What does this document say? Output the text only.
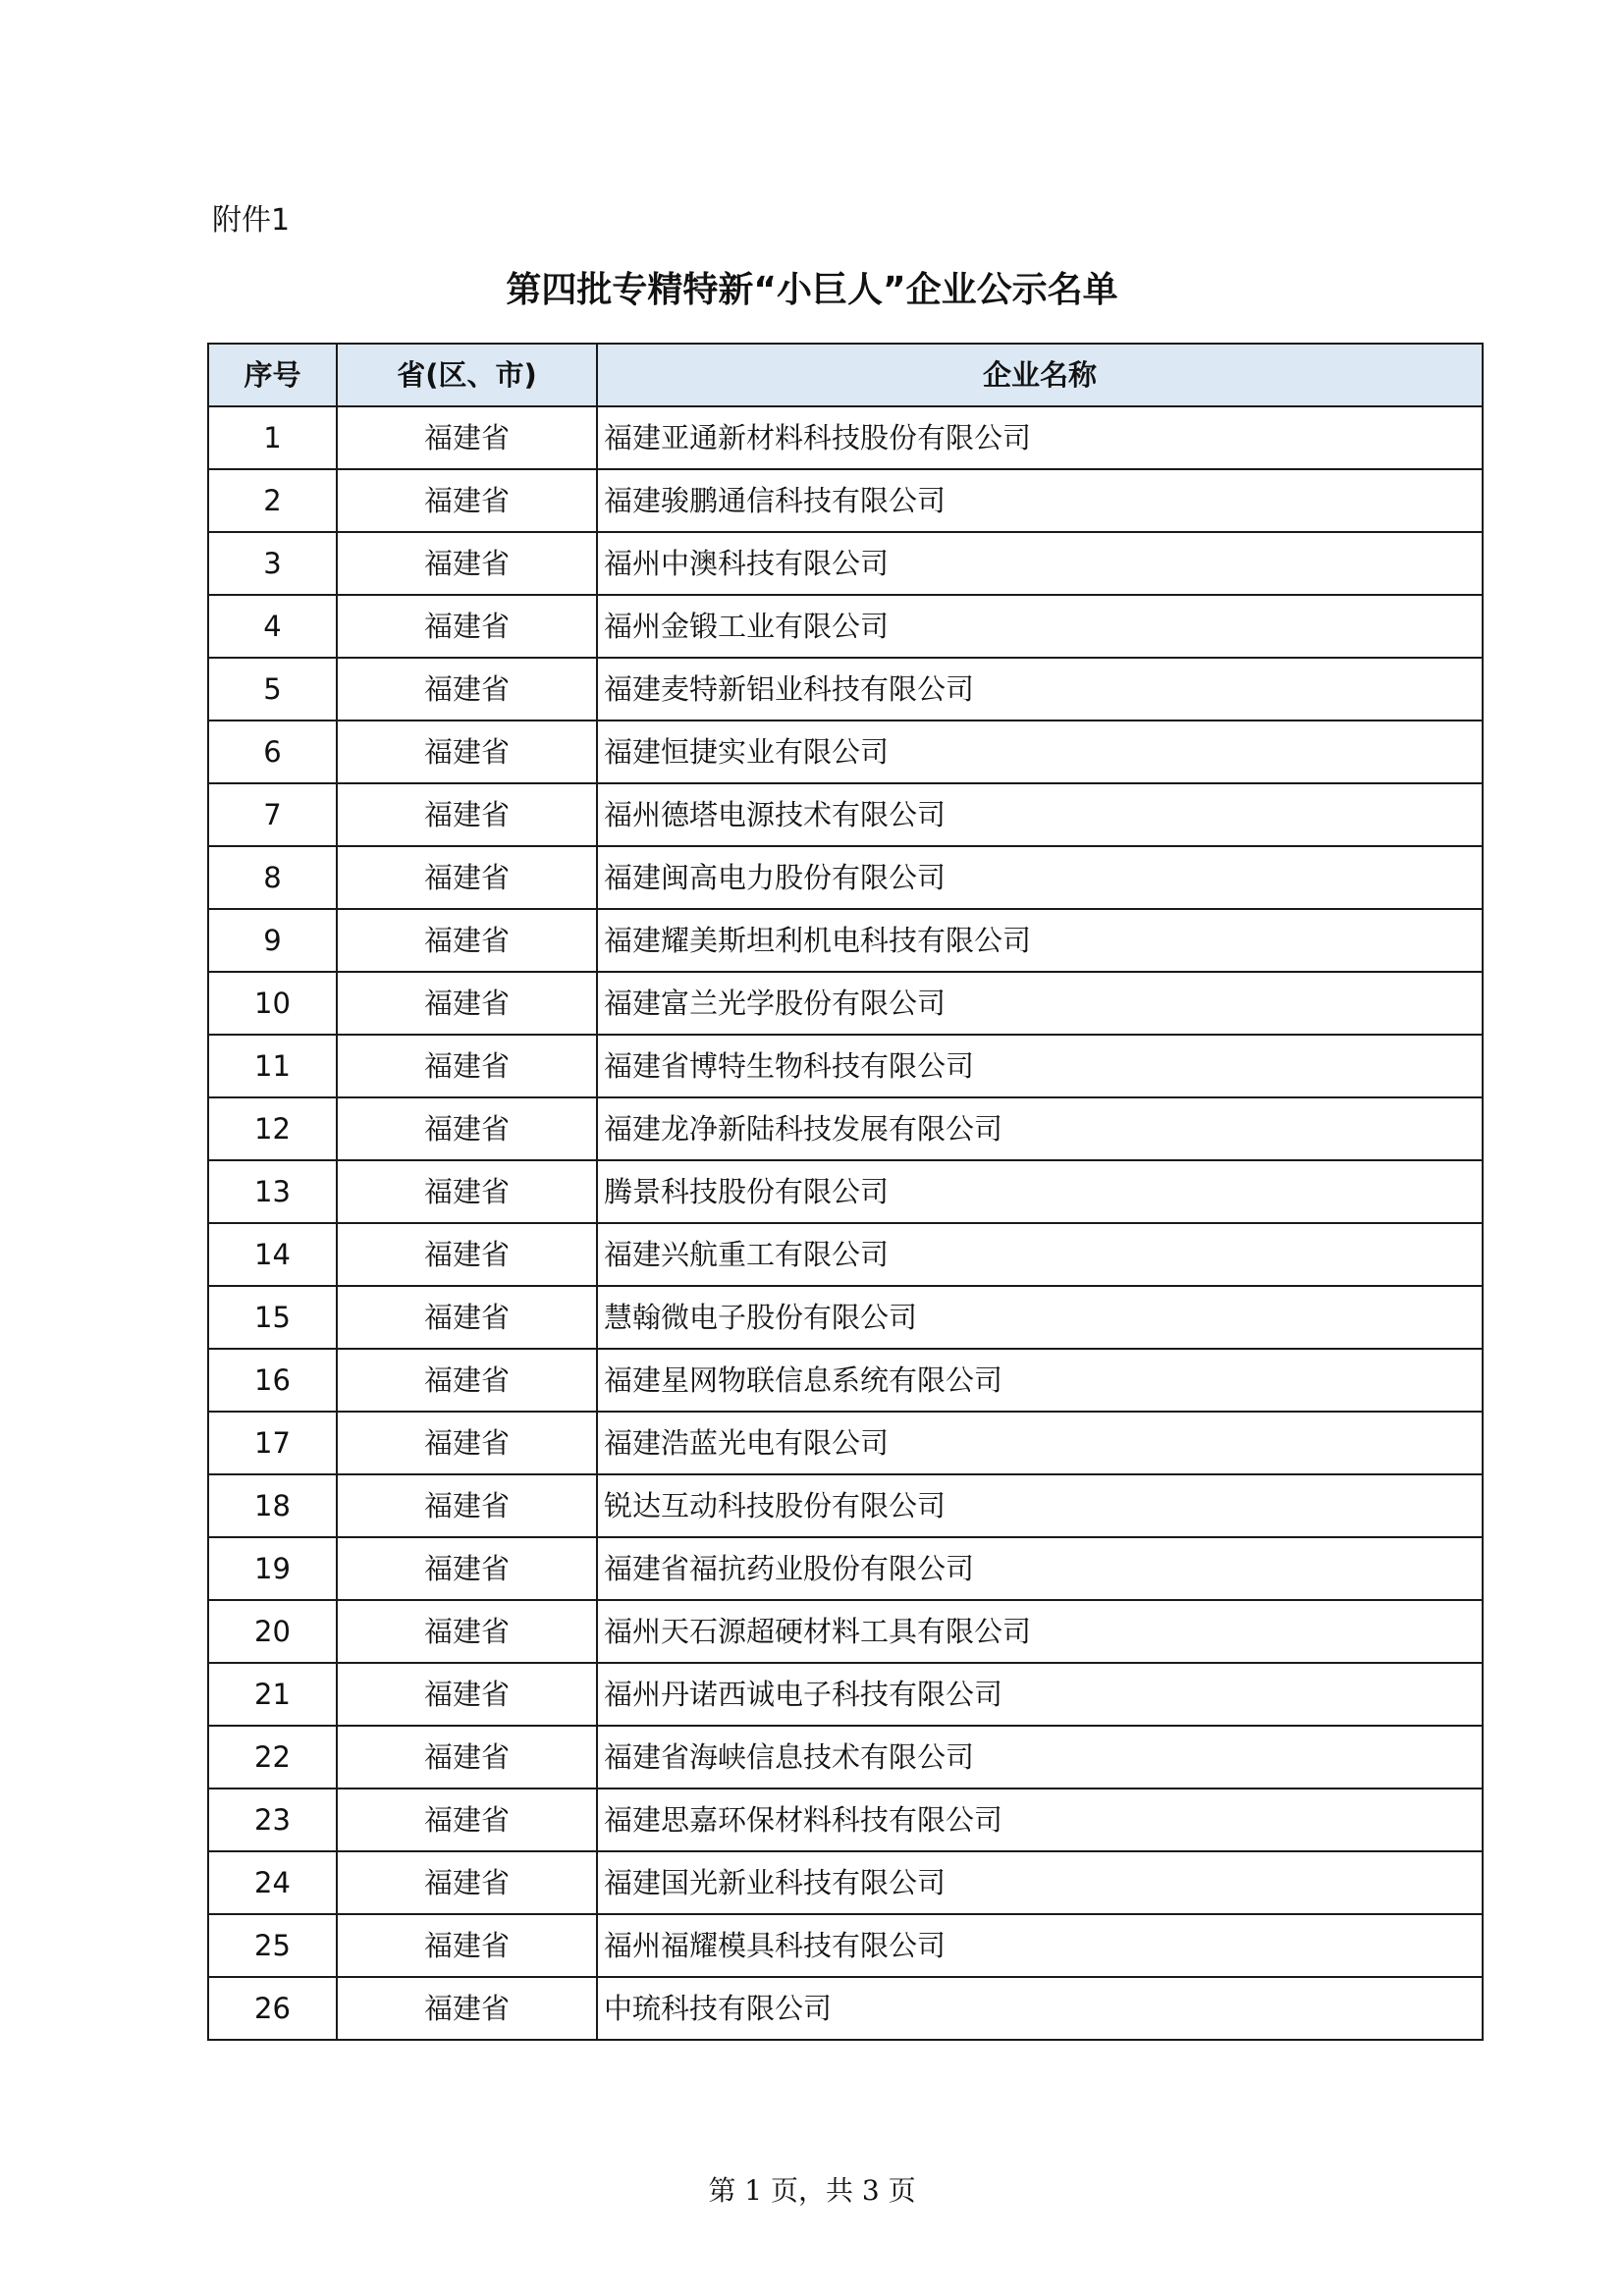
附件1
第四批专精特新“小巨人”企业公示名单
序号	省(区、市)	企业名称
1	福建省	福建亚通新材料科技股份有限公司
2	福建省	福建骏鹏通信科技有限公司
3	福建省	福州中澳科技有限公司
4	福建省	福州金锻工业有限公司
5	福建省	福建麦特新铝业科技有限公司
6	福建省	福建恒捷实业有限公司
7	福建省	福州德塔电源技术有限公司
8	福建省	福建闽高电力股份有限公司
9	福建省	福建耀美斯坦利机电科技有限公司
10	福建省	福建富兰光学股份有限公司
11	福建省	福建省博特生物科技有限公司
12	福建省	福建龙净新陆科技发展有限公司
13	福建省	腾景科技股份有限公司
14	福建省	福建兴航重工有限公司
15	福建省	慧翰微电子股份有限公司
16	福建省	福建星网物联信息系统有限公司
17	福建省	福建浩蓝光电有限公司
18	福建省	锐达互动科技股份有限公司
19	福建省	福建省福抗药业股份有限公司
20	福建省	福州天石源超硬材料工具有限公司
21	福建省	福州丹诺西诚电子科技有限公司
22	福建省	福建省海峡信息技术有限公司
23	福建省	福建思嘉环保材料科技有限公司
24	福建省	福建国光新业科技有限公司
25	福建省	福州福耀模具科技有限公司
26	福建省	中琉科技有限公司
第 1 页，共 3 页
